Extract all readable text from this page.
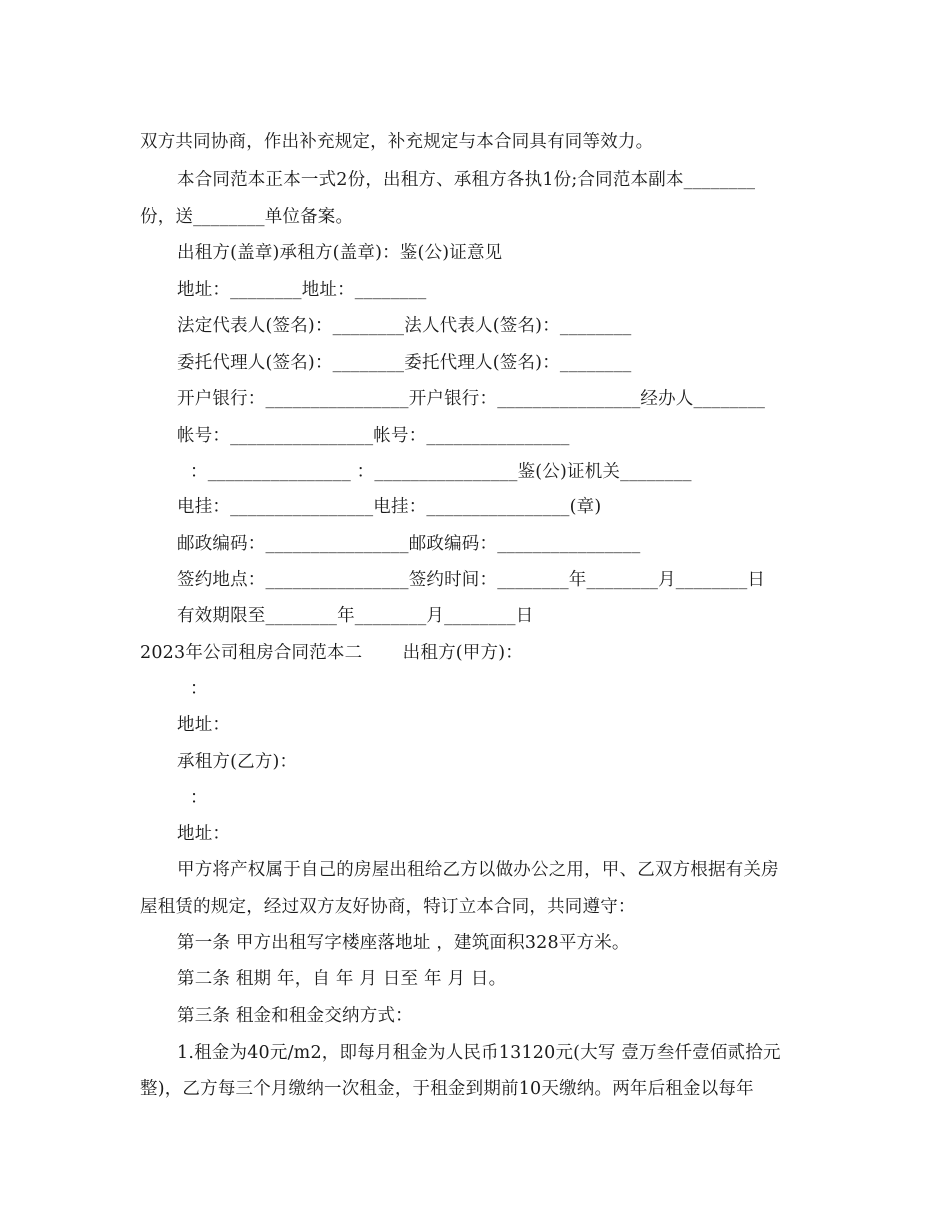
双方共同协商，作出补充规定，补充规定与本合同具有同等效力。
本合同范本正本一式2份，出租方、承租方各执1份;合同范本副本________
份，送________单位备案。
出租方(盖章)承租方(盖章)：鉴(公)证意见
地址：________地址：________
法定代表人(签名)：________法人代表人(签名)：________
委托代理人(签名)：________委托代理人(签名)：________
开户银行：________________开户银行：________________经办人________
帐号：________________帐号：________________
：________________ ：________________鉴(公)证机关________
电挂：________________电挂：________________(章)
邮政编码：________________邮政编码：________________
签约地点：________________签约时间：________年________月________日
有效期限至________年________月________日
2023年公司租房合同范本二       出租方(甲方)：
：
地址：
承租方(乙方)：
：
地址：
甲方将产权属于自己的房屋出租给乙方以做办公之用，甲、乙双方根据有关房
屋租赁的规定，经过双方友好协商，特订立本合同，共同遵守：
第一条 甲方出租写字楼座落地址 ，建筑面积328平方米。
第二条 租期 年，自 年 月 日至 年 月 日。
第三条 租金和租金交纳方式：
1.租金为40元/m2，即每月租金为人民币13120元(大写 壹万叁仟壹佰贰拾元
整)，乙方每三个月缴纳一次租金，于租金到期前10天缴纳。两年后租金以每年
